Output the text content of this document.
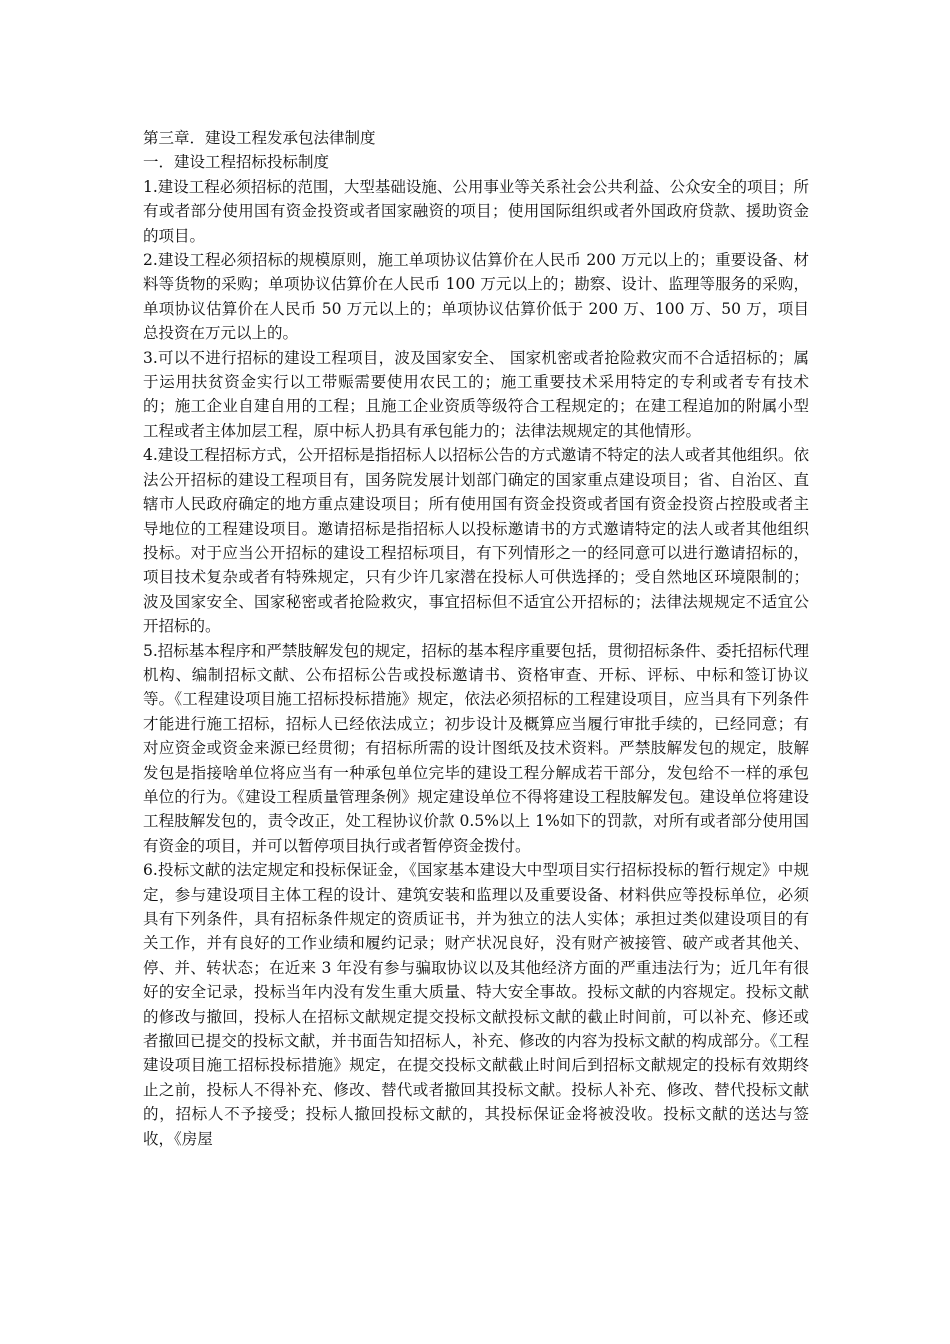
第三章．建设工程发承包法律制度

一．建设工程招标投标制度

1.建设工程必须招标的范围，大型基础设施、公用事业等关系社会公共利益、公众安全的项目；所有或者部分使用国有资金投资或者国家融资的项目；使用国际组织或者外国政府贷款、援助资金的项目。

2.建设工程必须招标的规模原则，施工单项协议估算价在人民币 200 万元以上的；重要设备、材料等货物的采购；单项协议估算价在人民币 100 万元以上的；勘察、设计、监理等服务的采购，单项协议估算价在人民币 50 万元以上的；单项协议估算价低于 200 万、100 万、50 万，项目总投资在万元以上的。

3.可以不进行招标的建设工程项目，波及国家安全、 国家机密或者抢险救灾而不合适招标的；属于运用扶贫资金实行以工带赈需要使用农民工的；施工重要技术采用特定的专利或者专有技术的；施工企业自建自用的工程；且施工企业资质等级符合工程规定的；在建工程追加的附属小型工程或者主体加层工程，原中标人扔具有承包能力的；法律法规规定的其他情形。

4.建设工程招标方式，公开招标是指招标人以招标公告的方式邀请不特定的法人或者其他组织。依法公开招标的建设工程项目有，国务院发展计划部门确定的国家重点建设项目；省、自治区、直辖市人民政府确定的地方重点建设项目；所有使用国有资金投资或者国有资金投资占控股或者主导地位的工程建设项目。邀请招标是指招标人以投标邀请书的方式邀请特定的法人或者其他组织投标。对于应当公开招标的建设工程招标项目，有下列情形之一的经同意可以进行邀请招标的，项目技术复杂或者有特殊规定，只有少许几家潜在投标人可供选择的；受自然地区环境限制的；波及国家安全、国家秘密或者抢险救灾，事宜招标但不适宜公开招标的；法律法规规定不适宜公开招标的。

5.招标基本程序和严禁肢解发包的规定，招标的基本程序重要包括，贯彻招标条件、委托招标代理机构、编制招标文献、公布招标公告或投标邀请书、资格审查、开标、评标、中标和签订协议等。《工程建设项目施工招标投标措施》规定，依法必须招标的工程建设项目，应当具有下列条件才能进行施工招标，招标人已经依法成立；初步设计及概算应当履行审批手续的，已经同意；有对应资金或资金来源已经贯彻；有招标所需的设计图纸及技术资料。严禁肢解发包的规定，肢解发包是指接啥单位将应当有一种承包单位完毕的建设工程分解成若干部分，发包给不一样的承包单位的行为。《建设工程质量管理条例》规定建设单位不得将建设工程肢解发包。建设单位将建设工程肢解发包的，责令改正，处工程协议价款 0.5%以上 1%如下的罚款，对所有或者部分使用国有资金的项目，并可以暂停项目执行或者暂停资金拨付。

6.投标文献的法定规定和投标保证金，《国家基本建设大中型项目实行招标投标的暂行规定》中规定，参与建设项目主体工程的设计、建筑安装和监理以及重要设备、材料供应等投标单位，必须具有下列条件，具有招标条件规定的资质证书，并为独立的法人实体；承担过类似建设项目的有关工作，并有良好的工作业绩和履约记录；财产状况良好，没有财产被接管、破产或者其他关、停、并、转状态；在近来 3 年没有参与骗取协议以及其他经济方面的严重违法行为；近几年有很好的安全记录，投标当年内没有发生重大质量、特大安全事故。投标文献的内容规定。投标文献的修改与撤回，投标人在招标文献规定提交投标文献投标文献的截止时间前，可以补充、修还或者撤回已提交的投标文献，并书面告知招标人，补充、修改的内容为投标文献的构成部分。《工程建设项目施工招标投标措施》规定，在提交投标文献截止时间后到招标文献规定的投标有效期终止之前，投标人不得补充、修改、替代或者撤回其投标文献。投标人补充、修改、替代投标文献的，招标人不予接受；投标人撤回投标文献的，其投标保证金将被没收。投标文献的送达与签收，《房屋
